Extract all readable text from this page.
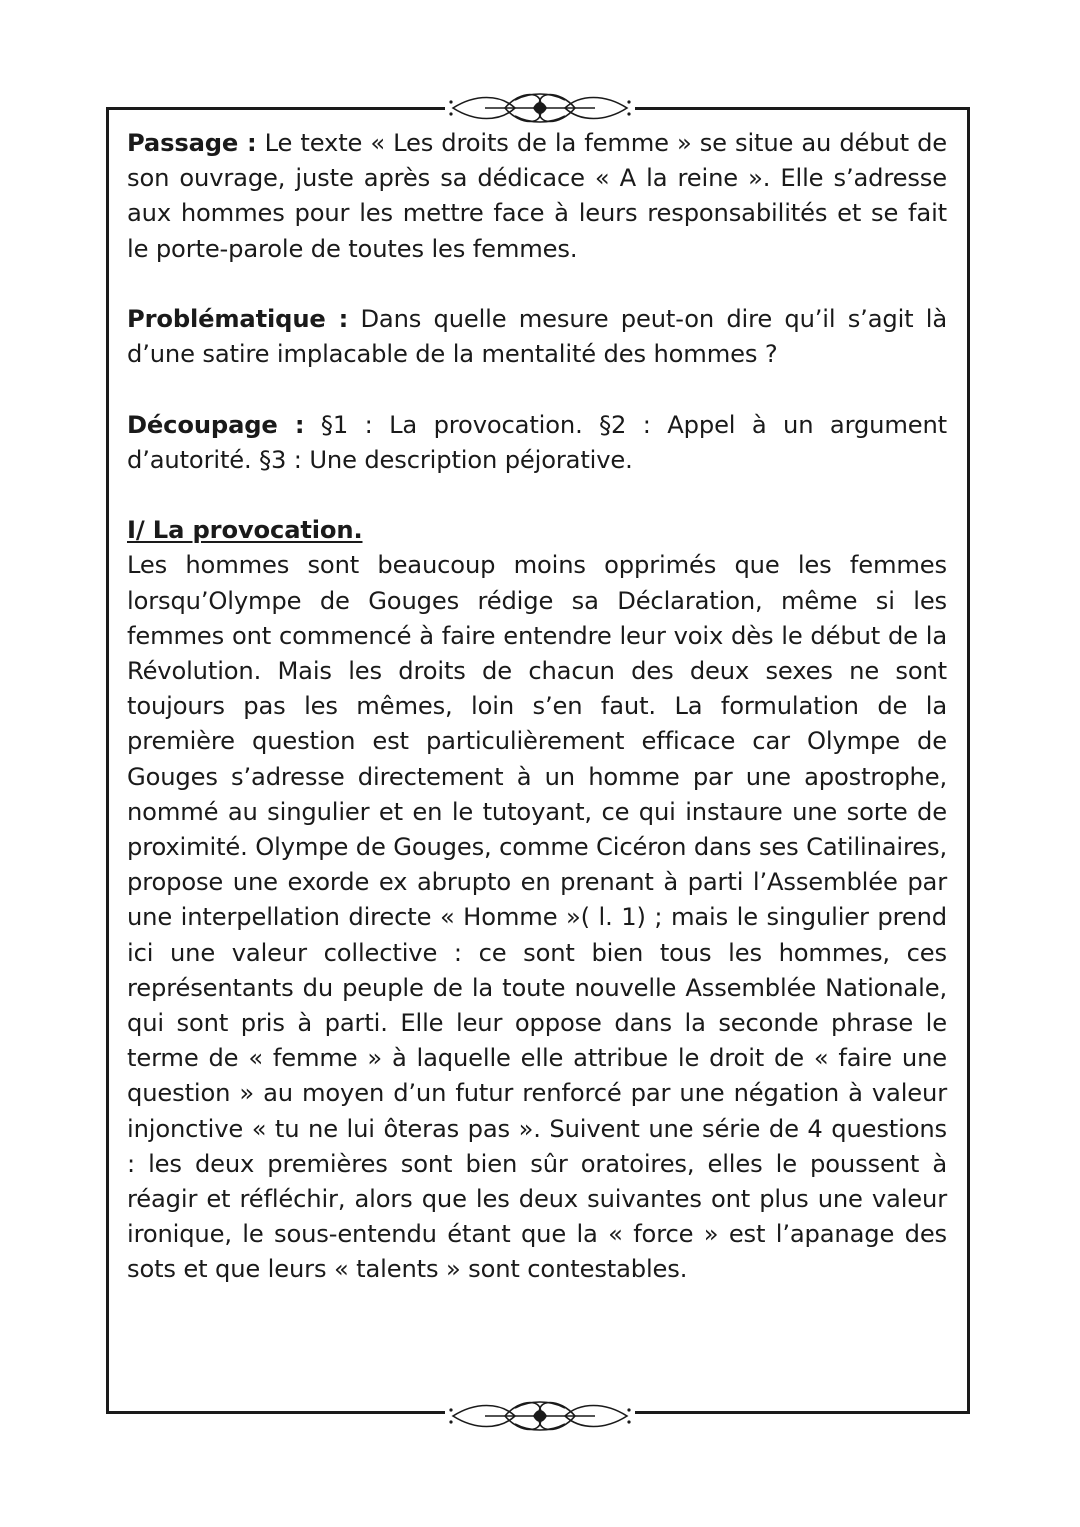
Passage : Le texte « Les droits de la femme » se situe au début de son ouvrage, juste après sa dédicace « A la reine ». Elle s’adresse aux hommes pour les mettre face à leurs responsabilités et se fait le porte-parole de toutes les femmes.

Problématique : Dans quelle mesure peut-on dire qu’il s’agit là d’une satire implacable de la mentalité des hommes ?

Découpage : §1 : La provocation. §2 : Appel à un argument d’autorité. §3 : Une description péjorative.

I/ La provocation.

Les hommes sont beaucoup moins opprimés que les femmes lorsqu’Olympe de Gouges rédige sa Déclaration, même si les femmes ont commencé à faire entendre leur voix dès le début de la Révolution. Mais les droits de chacun des deux sexes ne sont toujours pas les mêmes, loin s’en faut. La formulation de la première question est particulièrement efficace car Olympe de Gouges s’adresse directement à un homme par une apostrophe, nommé au singulier et en le tutoyant, ce qui instaure une sorte de proximité. Olympe de Gouges, comme Cicéron dans ses Catilinaires, propose une exorde ex abrupto en prenant à parti l’Assemblée par une interpellation directe « Homme »( l. 1) ; mais le singulier prend ici une valeur collective : ce sont bien tous les hommes, ces représentants du peuple de la toute nouvelle Assemblée Nationale, qui sont pris à parti. Elle leur oppose dans la seconde phrase le terme de « femme » à laquelle elle attribue le droit de « faire une question » au moyen d’un futur renforcé par une négation à valeur injonctive « tu ne lui ôteras pas ». Suivent une série de 4 questions : les deux premières sont bien sûr oratoires, elles le poussent à réagir et réfléchir, alors que les deux suivantes ont plus une valeur ironique, le sous-entendu étant que la « force » est l’apanage des sots et que leurs « talents » sont contestables.
